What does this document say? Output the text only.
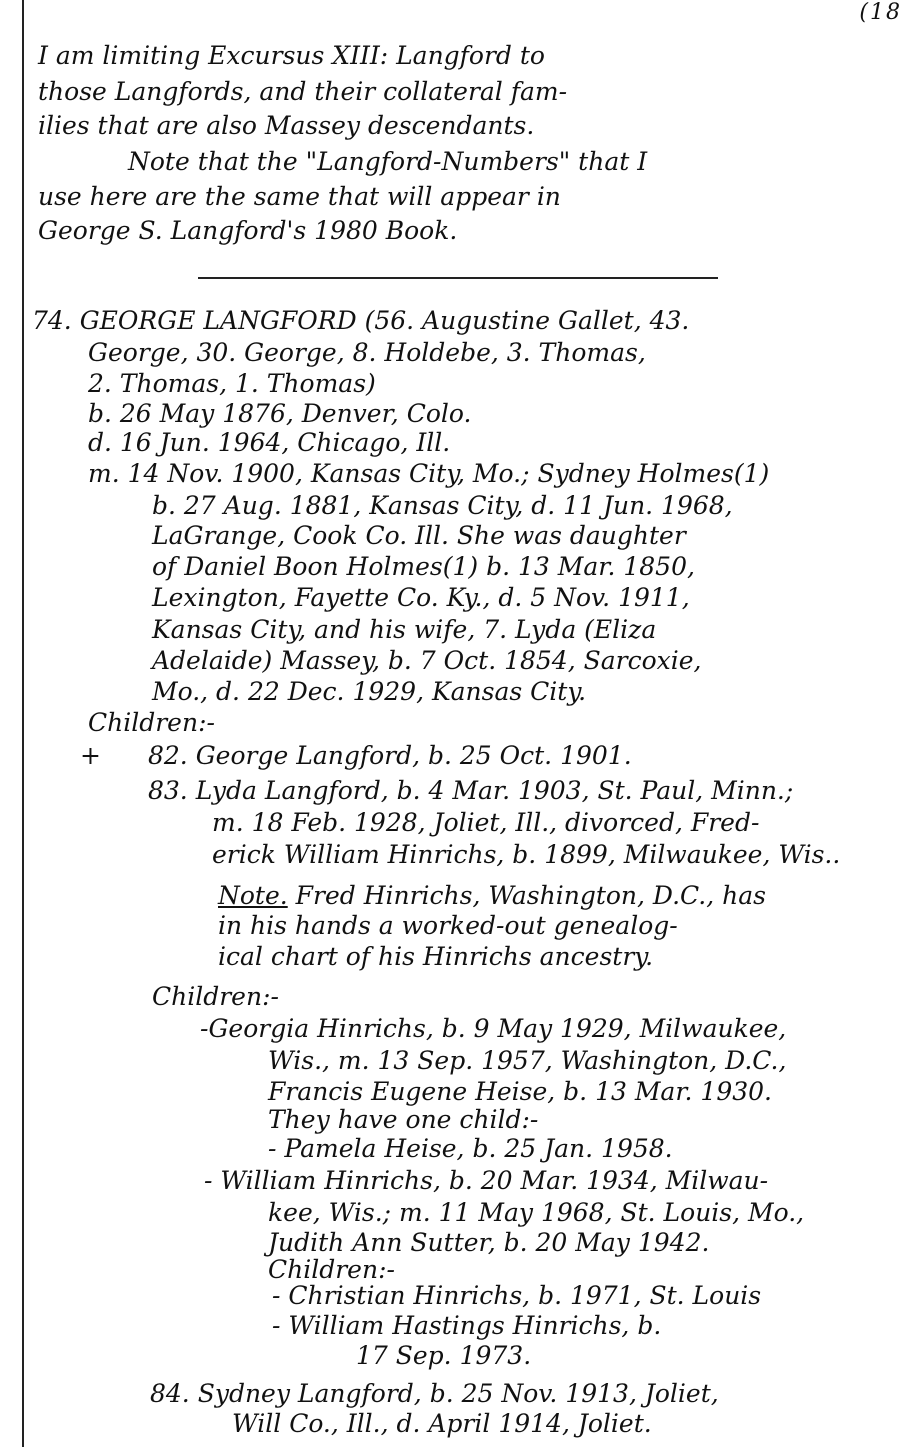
(18
I am limiting Excursus XIII: Langford to
those Langfords, and their collateral fam-
ilies that are also Massey descendants.
Note that the "Langford-Numbers" that I
use here are the same that will appear in
George S. Langford's 1980 Book.
74. GEORGE LANGFORD (56. Augustine Gallet, 43.
George, 30. George, 8. Holdebe, 3. Thomas,
2. Thomas, 1. Thomas)
b. 26 May 1876, Denver, Colo.
d. 16 Jun. 1964, Chicago, Ill.
m. 14 Nov. 1900, Kansas City, Mo.; Sydney Holmes(1)
b. 27 Aug. 1881, Kansas City, d. 11 Jun. 1968,
LaGrange, Cook Co. Ill. She was daughter
of Daniel Boon Holmes(1) b. 13 Mar. 1850,
Lexington, Fayette Co. Ky., d. 5 Nov. 1911,
Kansas City, and his wife, 7. Lyda (Eliza
Adelaide) Massey, b. 7 Oct. 1854, Sarcoxie,
Mo., d. 22 Dec. 1929, Kansas City.
Children:-
+ 82. George Langford, b. 25 Oct. 1901.
83. Lyda Langford, b. 4 Mar. 1903, St. Paul, Minn.;
m. 18 Feb. 1928, Joliet, Ill., divorced, Fred-
erick William Hinrichs, b. 1899, Milwaukee, Wis..
Note. Fred Hinrichs, Washington, D.C., has
in his hands a worked-out genealog-
ical chart of his Hinrichs ancestry.
Children:-
-Georgia Hinrichs, b. 9 May 1929, Milwaukee,
Wis., m. 13 Sep. 1957, Washington, D.C.,
Francis Eugene Heise, b. 13 Mar. 1930.
They have one child:-
- Pamela Heise, b. 25 Jan. 1958.
- William Hinrichs, b. 20 Mar. 1934, Milwau-
kee, Wis.; m. 11 May 1968, St. Louis, Mo.,
Judith Ann Sutter, b. 20 May 1942.
Children:-
- Christian Hinrichs, b. 1971, St. Louis
- William Hastings Hinrichs, b.
17 Sep. 1973.
84. Sydney Langford, b. 25 Nov. 1913, Joliet,
Will Co., Ill., d. April 1914, Joliet.
